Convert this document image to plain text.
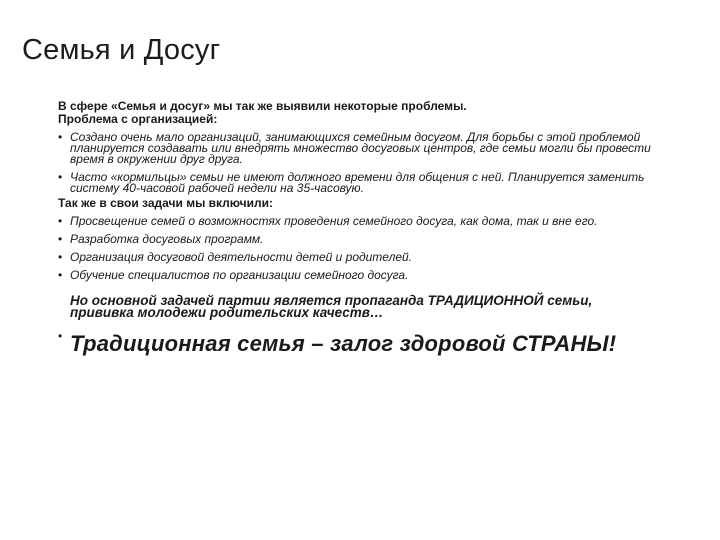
Семья и Досуг

В сфере «Семья и досуг» мы так же выявили некоторые проблемы.

Проблема с организацией:

• Создано очень мало организаций, занимающихся семейным досугом. Для борьбы с этой проблемой планируется создавать или внедрять множество досуговых центров, где семьи могли бы провести время в окружении друг друга.
• Часто «кормильцы» семьи не имеют должного времени для общения с ней. Планируется заменить систему 40-часовой рабочей недели на 35-часовую.

Так же в свои задачи мы включили:

• Просвещение семей о возможностях проведения семейного досуга, как дома, так и вне его.
• Разработка досуговых программ.
• Организация досуговой деятельности детей и родителей.
• Обучение специалистов по организации семейного досуга.
•
Но основной задачей партии является пропаганда ТРАДИЦИОННОЙ семьи, прививка молодежи родительских качеств…
Традиционная семья – залог здоровой СТРАНЫ!
